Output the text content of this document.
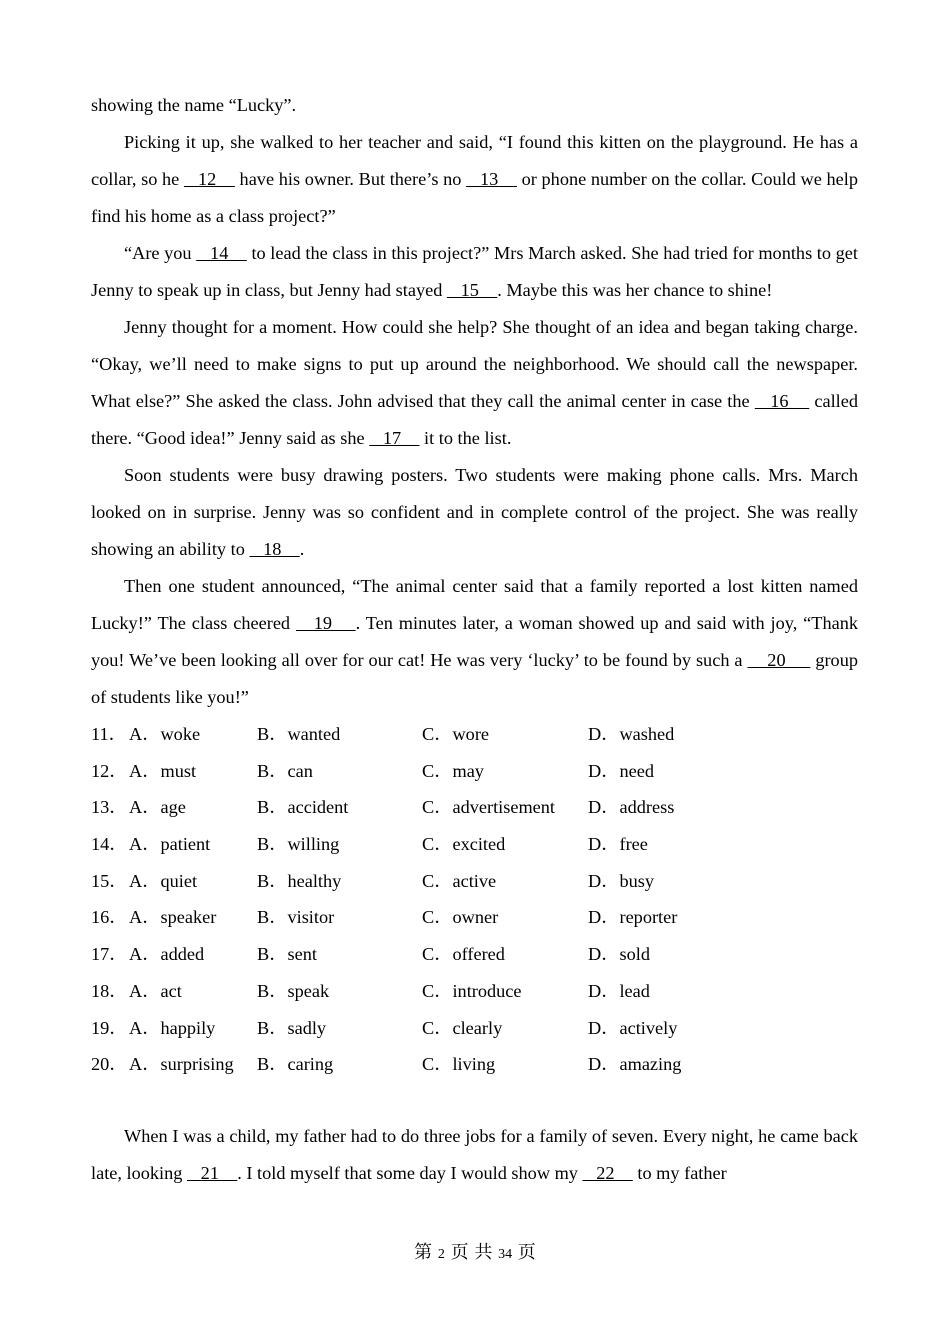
showing the name “Lucky”.

Picking it up, she walked to her teacher and said, “I found this kitten on the playground. He has a collar, so he    12     have his owner. But there’s no    13     or phone number on the collar. Could we help find his home as a class project?”

“Are you    14     to lead the class in this project?” Mrs March asked. She had tried for months to get Jenny to speak up in class, but Jenny had stayed    15    . Maybe this was her chance to shine!

Jenny thought for a moment. How could she help? She thought of an idea and began taking charge. “Okay, we’ll need to make signs to put up around the neighborhood. We should call the newspaper. What else?” She asked the class. John advised that they call the animal center in case the    16     called there. “Good idea!” Jenny said as she    17     it to the list.

Soon students were busy drawing posters. Two students were making phone calls. Mrs. March looked on in surprise. Jenny was so confident and in complete control of the project. She was really showing an ability to    18    .

Then one student announced, “The animal center said that a family reported a lost kitten named Lucky!” The class cheered    19    . Ten minutes later, a woman showed up and said with joy, “Thank you! We’ve been looking all over for our cat! He was very ‘lucky’ to be found by such a     20      group of students like you!”

11． A．woke	B．wanted	C．wore	D．washed
12． A．must	B．can	C．may	D．need
13． A．age	B．accident	C．advertisement D．address
14． A．patient	B．willing	C．excited	D．free
15． A．quiet	B．healthy	C．active	D．busy
16． A．speaker B．visitor	C．owner	D．reporter
17． A．added	B．sent	C．offered	D．sold
18． A．act	B．speak	C．introduce	D．lead
19． A．happily B．sadly	C．clearly	D．actively
20． A．surprising B．caring	C．living	D．amazing

When I was a child, my father had to do three jobs for a family of seven. Every night, he came back late, looking    21    . I told myself that some day I would show my    22     to my father

第 2 页 共 34 页
